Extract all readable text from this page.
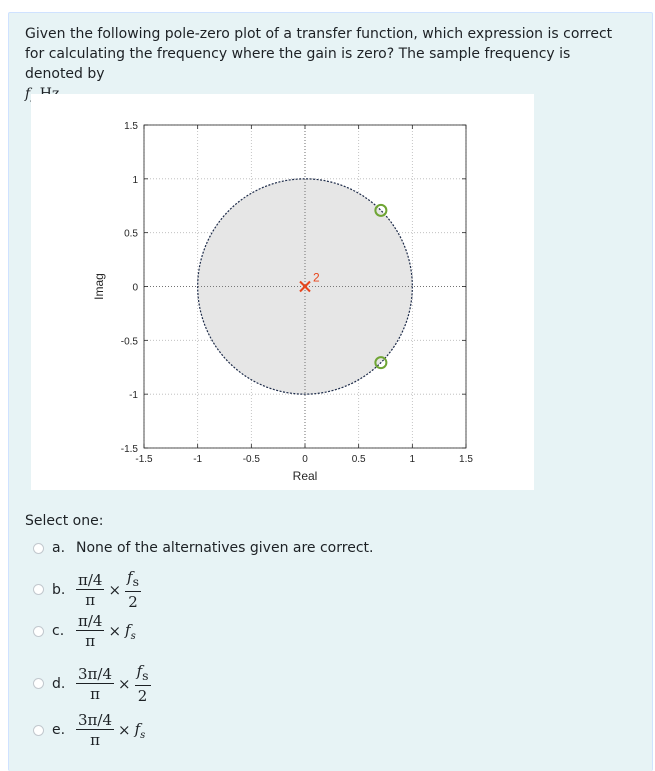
Given the following pole-zero plot of a transfer function, which expression is correct for calculating the frequency where the gain is zero? The sample frequency is denoted by
f
-1.5	-1	-0.5	0	0.5	1	1.5
1.5
1
0.5
0
-0.5
-1
-1.5
Real
Imag	2
Select one:
a. None of the alternatives given are correct.
b. $\frac{\pi/4}{\pi} \times \frac{f_s}{2}$
c. $\frac{\pi/4}{\pi} \times f_s$
d. $\frac{3\pi/4}{\pi} \times \frac{f_s}{2}$
e. $\frac{3\pi/4}{\pi} \times f_s$
